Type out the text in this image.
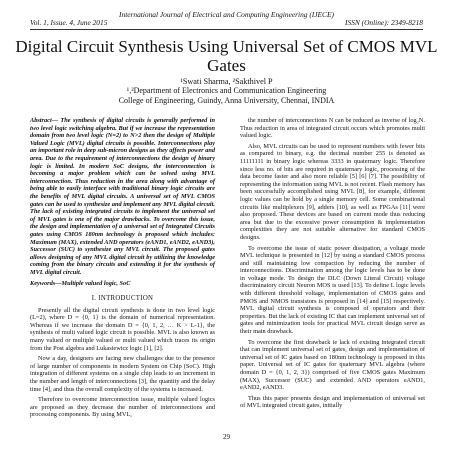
International Journal of Electrical and Computing Engineering (IJECE)
Vol. 1, Issue. 4, June 2015	ISSN (Online): 2349-8218
Digital Circuit Synthesis Using Universal Set of CMOS MVL Gates
¹Swati Sharma, ²Sakthivel P
¹,²Department of Electronics and Communication Engineering
College of Engineering, Guindy, Anna University, Chennai, INDIA
Abstract— The synthesis of digital circuits is generally performed in two level logic switching algebra. But if we increase the representation domain from two level logic (N=2) to N>2 then the design of Multiple Valued Logic (MVL) digital circuits is possible. Interconnections play an important role in deep sub-micron designs as they affects power and area. Due to the requirement of interconnections the design of binary logic is limited. In modern SoC designs, the interconnection is becoming a major problem which can be solved using MVL interconnection. Thus reduction in the area along with advantage of being able to easily interface with traditional binary logic circuits are the benefits of MVL digital circuits. A universal set of MVL CMOS gates can be used to synthesize and implement any MVL digital circuit. The lack of existing integrated circuits to implement the universal set of MVL gates is one of the major drawbacks. To overcome this issue, the design and implementation of a universal set of Integrated Circuits gates using CMOS 180nm technology is proposed which includes: Maximum (MAX), extended AND operators (eAND1, eAND2, eAND3), Successor (SUC) to synthesize any MVL circuit. The proposed gates allows designing of any MVL digital circuit by utilizing the knowledge coming from the binary circuits and extending it for the synthesis of MVL digital circuit.
Keywords—Multiple valued logic, SoC
I. INTRODUCTION

Presently all the digital circuit synthesis is done in two level logic (L=2), where D = {0, 1} is the domain of numerical representation. Whereas if we increase the domain D = {0, 1, 2, … K > L-1}, the synthesis of multi valued logic circuit is possible. MVL is also known as many valued or multiple valued or multi valued which traces its origin from the Post algebra and Lukasiewicz logic [1], [2].

Now a day, designers are facing new challenges due to the presence of large number of components in modern System on Chip (SoC). High integration of different systems on a single chip leads to an increment in the number and length of interconnections [3], the quantity and the delay time [4], and thus the overall complexity of the systems is increased.

Therefore to overcome interconnection issue, multiple valued logics are proposed as they decrease the number of interconnections and processing components. By using MVL,

the number of interconnections N can be reduced as inverse of log₂N. Thus reduction in area of integrated circuit occurs which promotes multi valued logic.

Also, MVL circuits can be used to represent numbers with fewer bits as compared to binary, e.g. the decimal number 255 is denoted as 11111111 in binary logic whereas 3333 in quaternary logic. Therefore since less no. of bits are required in quaternary logic, processing of the data become faster and also more reliable [5] [6] [7]. The possibility of representing the information using MVL is not recent. Flash memory has been successfully accomplished using MVL [8], for example, different logic values can be hold by a single memory cell. Some combinational circuits like multiplexers [9], adders [10], as well as FPGAs [11] were also proposed. These devices are based on current mode thus reducing area but due to the excessive power consumption & implementation complexities they are not suitable alternative for standard CMOS designs.

To overcome the issue of static power dissipation, a voltage mode MVL technique is presented in [12] by using a standard CMOS process and still maintaining low compaction by reducing the number of interconnections. Discrimination among the logic levels has to be done in voltage mode. To design the DLC (Down Literal Circuit) voltage discriminatory circuit Neuron MOS is used [13]. To define L logic levels with different threshold voltage, implementation of CMOS gates and PMOS and NMOS transistors is proposed in [14] and [15] respectively. MVL digital circuit synthesis is composed of operators and their properties. But the lack of existing IC that can implement universal set of gates and minimization tools for practical MVL circuit design serve as their main drawback.

To overcome the first drawback ie lack of existing integrated circuit that can implement universal set of gates, design and implementation of universal set of IC gates based on 180nm technology is proposed in this paper. Universal set of IC gates for quaternary MVL algebra (where domain D = {0, 1, 2, 3}) comprised of five CMOS gates Maximum (MAX), Successor (SUC) and extended AND operators eAND1, eAND2, eAND3.

Thus this paper presents design and implementation of universal set of MVL integrated circuit gates, initially

29
